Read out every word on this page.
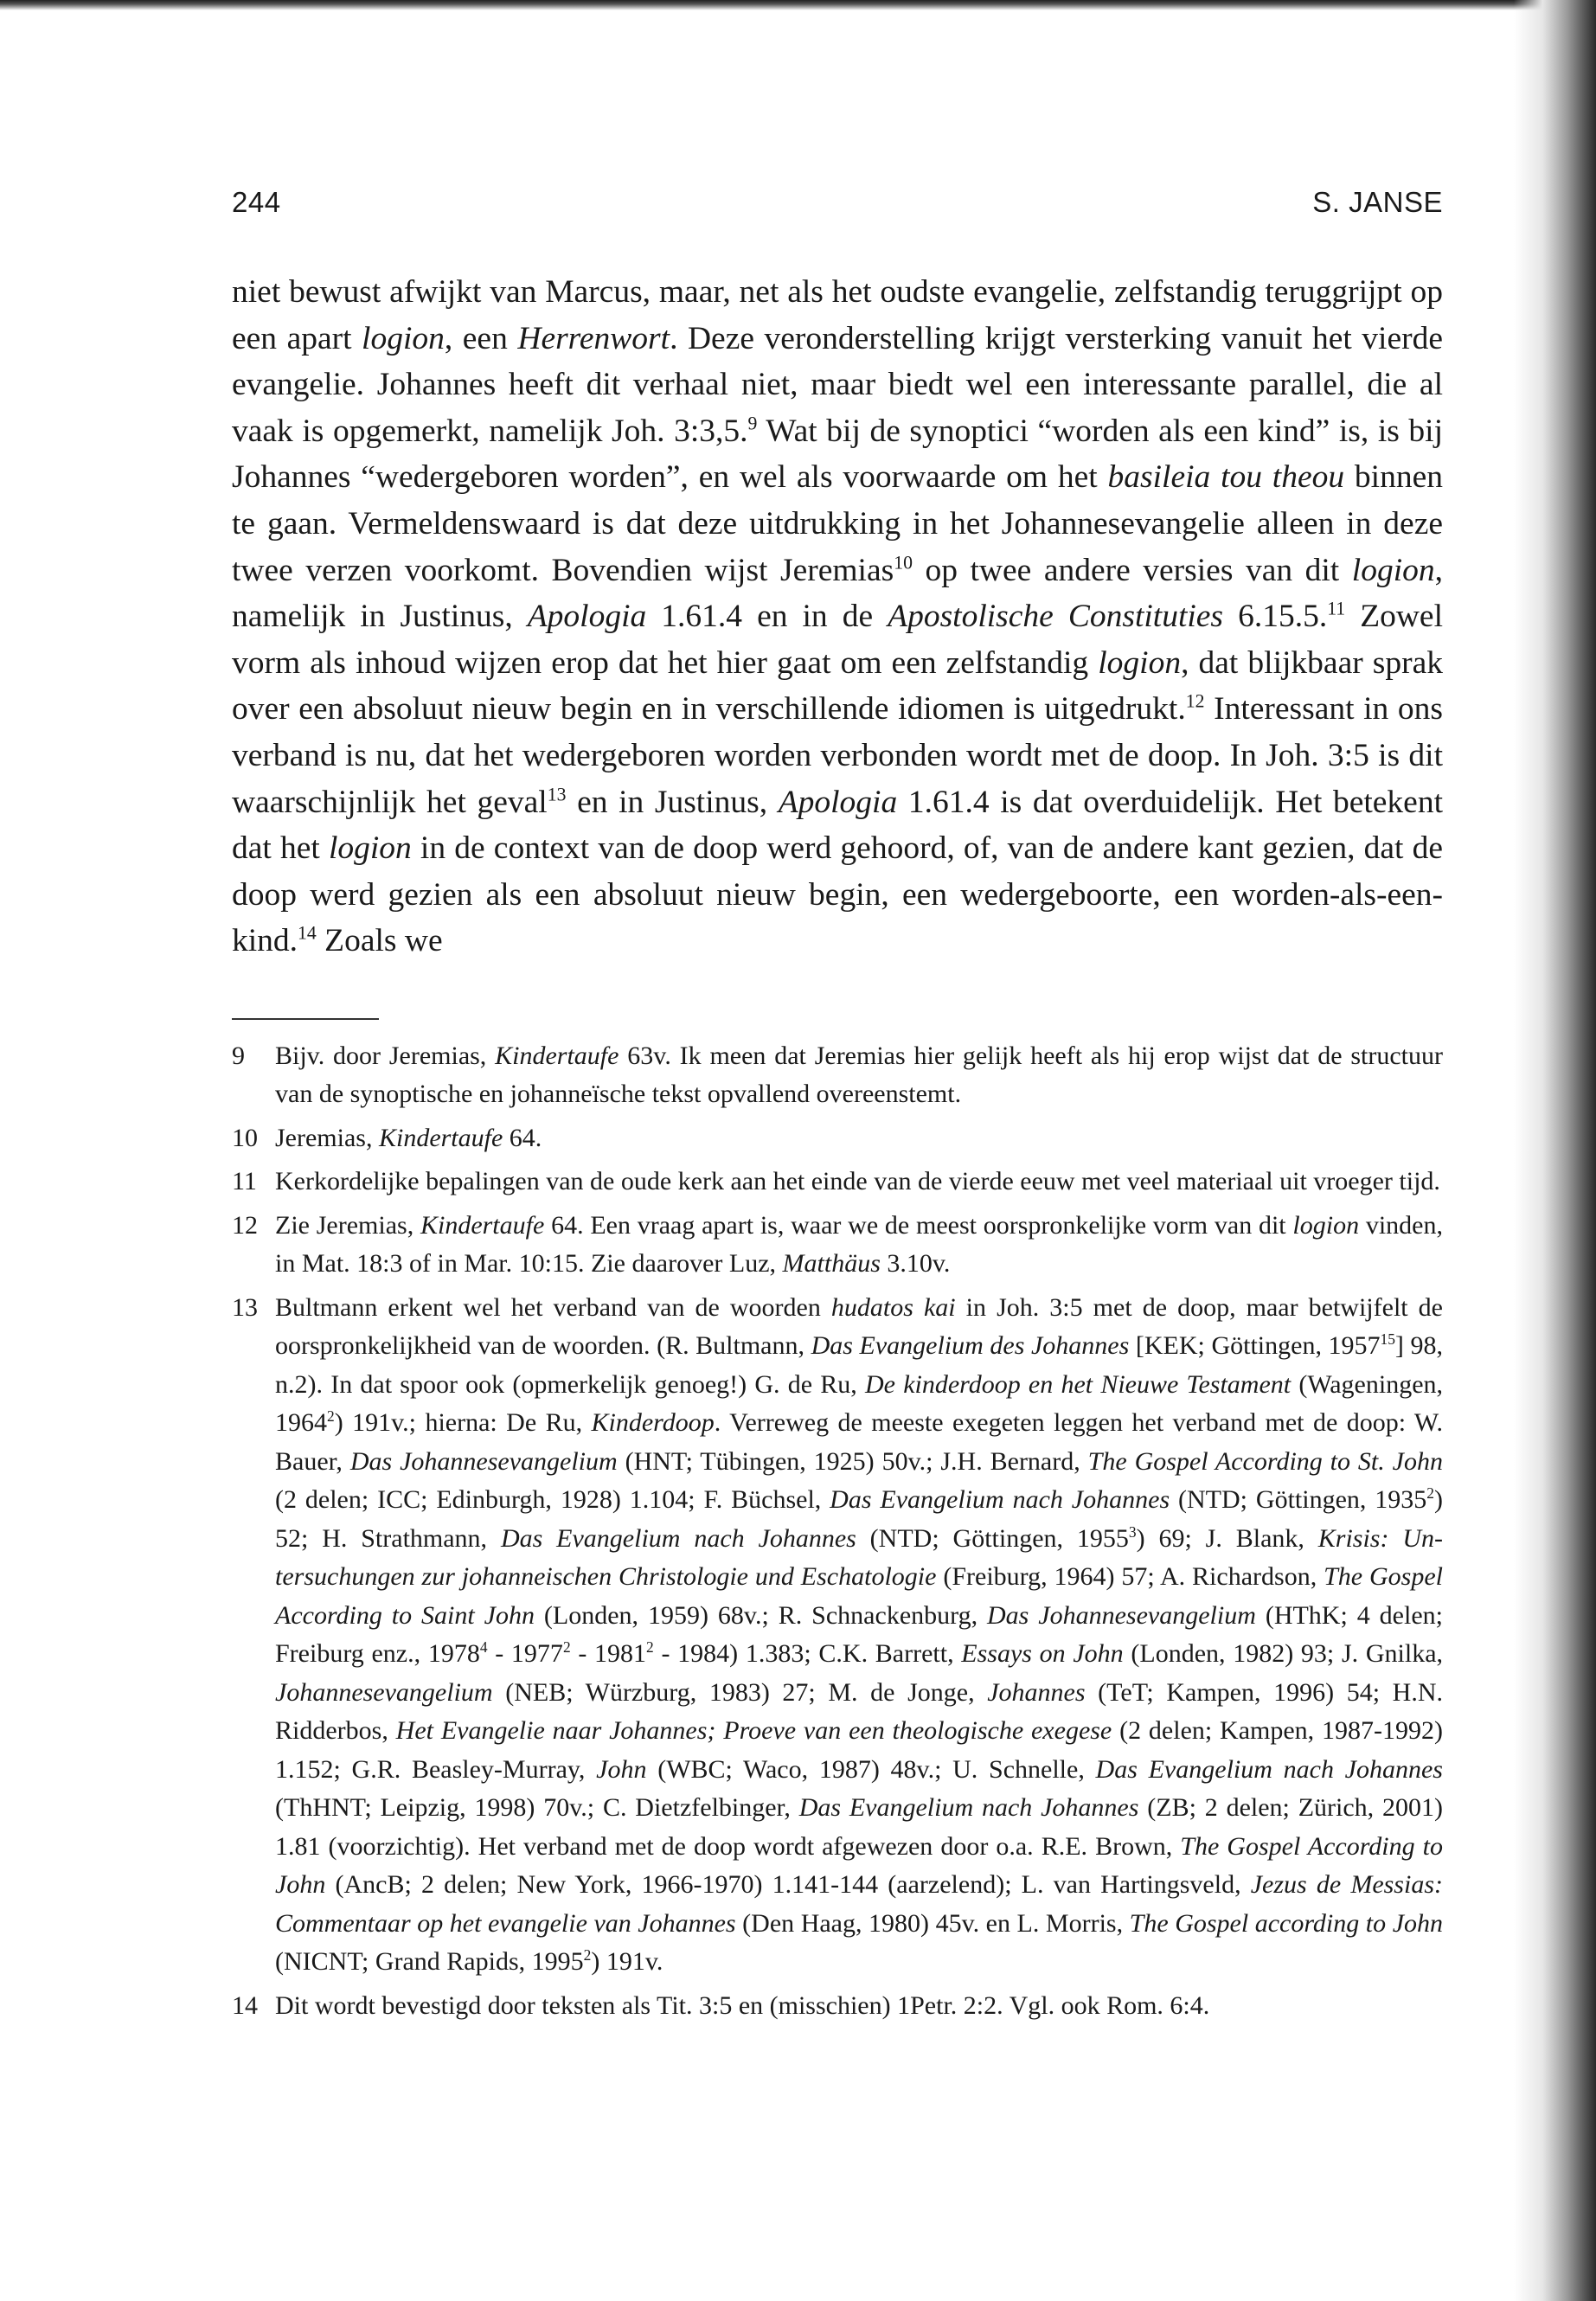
244	S. JANSE

niet bewust afwijkt van Marcus, maar, net als het oudste evangelie, zelfstandig teruggrijpt op een apart logion, een Herrenwort. Deze veronderstelling krijgt versterking vanuit het vierde evangelie. Johannes heeft dit verhaal niet, maar biedt wel een interessante parallel, die al vaak is opgemerkt, namelijk Joh. 3:3,5.$^9$ Wat bij de synoptici “worden als een kind” is, is bij Johannes “wedergeboren worden”, en wel als voorwaarde om het basileia tou theou binnen te gaan. Vermeldenswaard is dat deze uitdrukking in het Johannesevangelie alleen in deze twee verzen voorkomt. Bovendien wijst Jeremias$^{10}$ op twee andere versies van dit logion, namelijk in Justinus, Apologia 1.61.4 en in de Apostolische Constituties 6.15.5.11 Zowel vorm als inhoud wijzen erop dat het hier gaat om een zelfstandig logion, dat blijkbaar sprak over een absoluut nieuw begin en in verschillende idiomen is uitgedrukt.$^{12}$ Interessant in ons verband is nu, dat het wedergeboren worden verbonden wordt met de doop. In Joh. 3:5 is dit waarschijnlijk het geval$^{13}$ en in Justinus, Apologia 1.61.4 is dat overduidelijk. Het betekent dat het logion in de context van de doop werd gehoord, of, van de andere kant gezien, dat de doop werd gezien als een absoluut nieuw begin, een wedergeboorte, een worden-als-een-kind.$^{14}$ Zoals we

9	Bijv. door Jeremias, Kindertaufe 63v. Ik meen dat Jeremias hier gelijk heeft als hij erop wijst dat de structuur van de synoptische en johanneïsche tekst opvallend overeenstemt.
10 Jeremias, Kindertaufe 64.
11 Kerkordelijke bepalingen van de oude kerk aan het einde van de vierde eeuw met veel materiaal uit vroeger tijd.
12 Zie Jeremias, Kindertaufe 64. Een vraag apart is, waar we de meest oorspronkelijke vorm van dit logion vinden, in Mat. 18:3 of in Mar. 10:15. Zie daarover Luz, Matthäus 3.10v.
13 Bultmann erkent wel het verband van de woorden hudatos kai in Joh. 3:5 met de doop, maar betwijfelt de oorspronkelijkheid van de woorden. (R. Bultmann, Das Evangelium des Johannes [KEK; Göttingen, 1957$^{15}$] 98, n.2). In dat spoor ook (opmerkelijk genoeg!) G. de Ru, De kinderdoop en het Nieuwe Testament (Wageningen, 1964$^2$) 191v.; hierna: De Ru, Kinderdoop. Verreweg de meeste exegeten leggen het verband met de doop: W. Bauer, Das Johannesevangelium (HNT; Tübingen, 1925) 50v.; J.H. Bernard, The Gospel According to St. John (2 delen; ICC; Edinburgh, 1928) 1.104; F. Büchsel, Das Evangelium nach Johannes (NTD; Göttingen, 1935$^2$) 52; H. Strathmann, Das Evangelium nach Johannes (NTD; Göttingen, 1955$^3$) 69; J. Blank, Krisis: Untersuchungen zur johanneischen Christologie und Eschatologie (Freiburg, 1964) 57; A. Richardson, The Gospel According to Saint John (Londen, 1959) 68v.; R. Schnackenburg, Das Johannesevangelium (HThK; 4 delen; Freiburg enz., 1978$^4$ - 1977$^2$ - 1981$^2$ - 1984) 1.383; C.K. Barrett, Essays on John (Londen, 1982) 93; J. Gnilka, Johannesevangelium (NEB; Würzburg, 1983) 27; M. de Jonge, Johannes (TeT; Kampen, 1996) 54; H.N. Ridderbos, Het Evangelie naar Johannes; Proeve van een theologische exegese (2 delen; Kampen, 1987-1992) 1.152; G.R. Beasley-Murray, John (WBC; Waco, 1987) 48v.; U. Schnelle, Das Evangelium nach Johannes (ThHNT; Leipzig, 1998) 70v.; C. Dietzfelbinger, Das Evangelium nach Johannes (ZB; 2 delen; Zürich, 2001) 1.81 (voorzichtig). Het verband met de doop wordt afgewezen door o.a. R.E. Brown, The Gospel According to John (AncB; 2 delen; New York, 1966-1970) 1.141-144 (aarzelend); L. van Hartingsveld, Jezus de Messias: Commentaar op het evangelie van Johannes (Den Haag, 1980) 45v. en L. Morris, The Gospel according to John (NICNT; Grand Rapids, 1995$^2$) 191v.
14 Dit wordt bevestigd door teksten als Tit. 3:5 en (misschien) 1Petr. 2:2. Vgl. ook Rom. 6:4.
